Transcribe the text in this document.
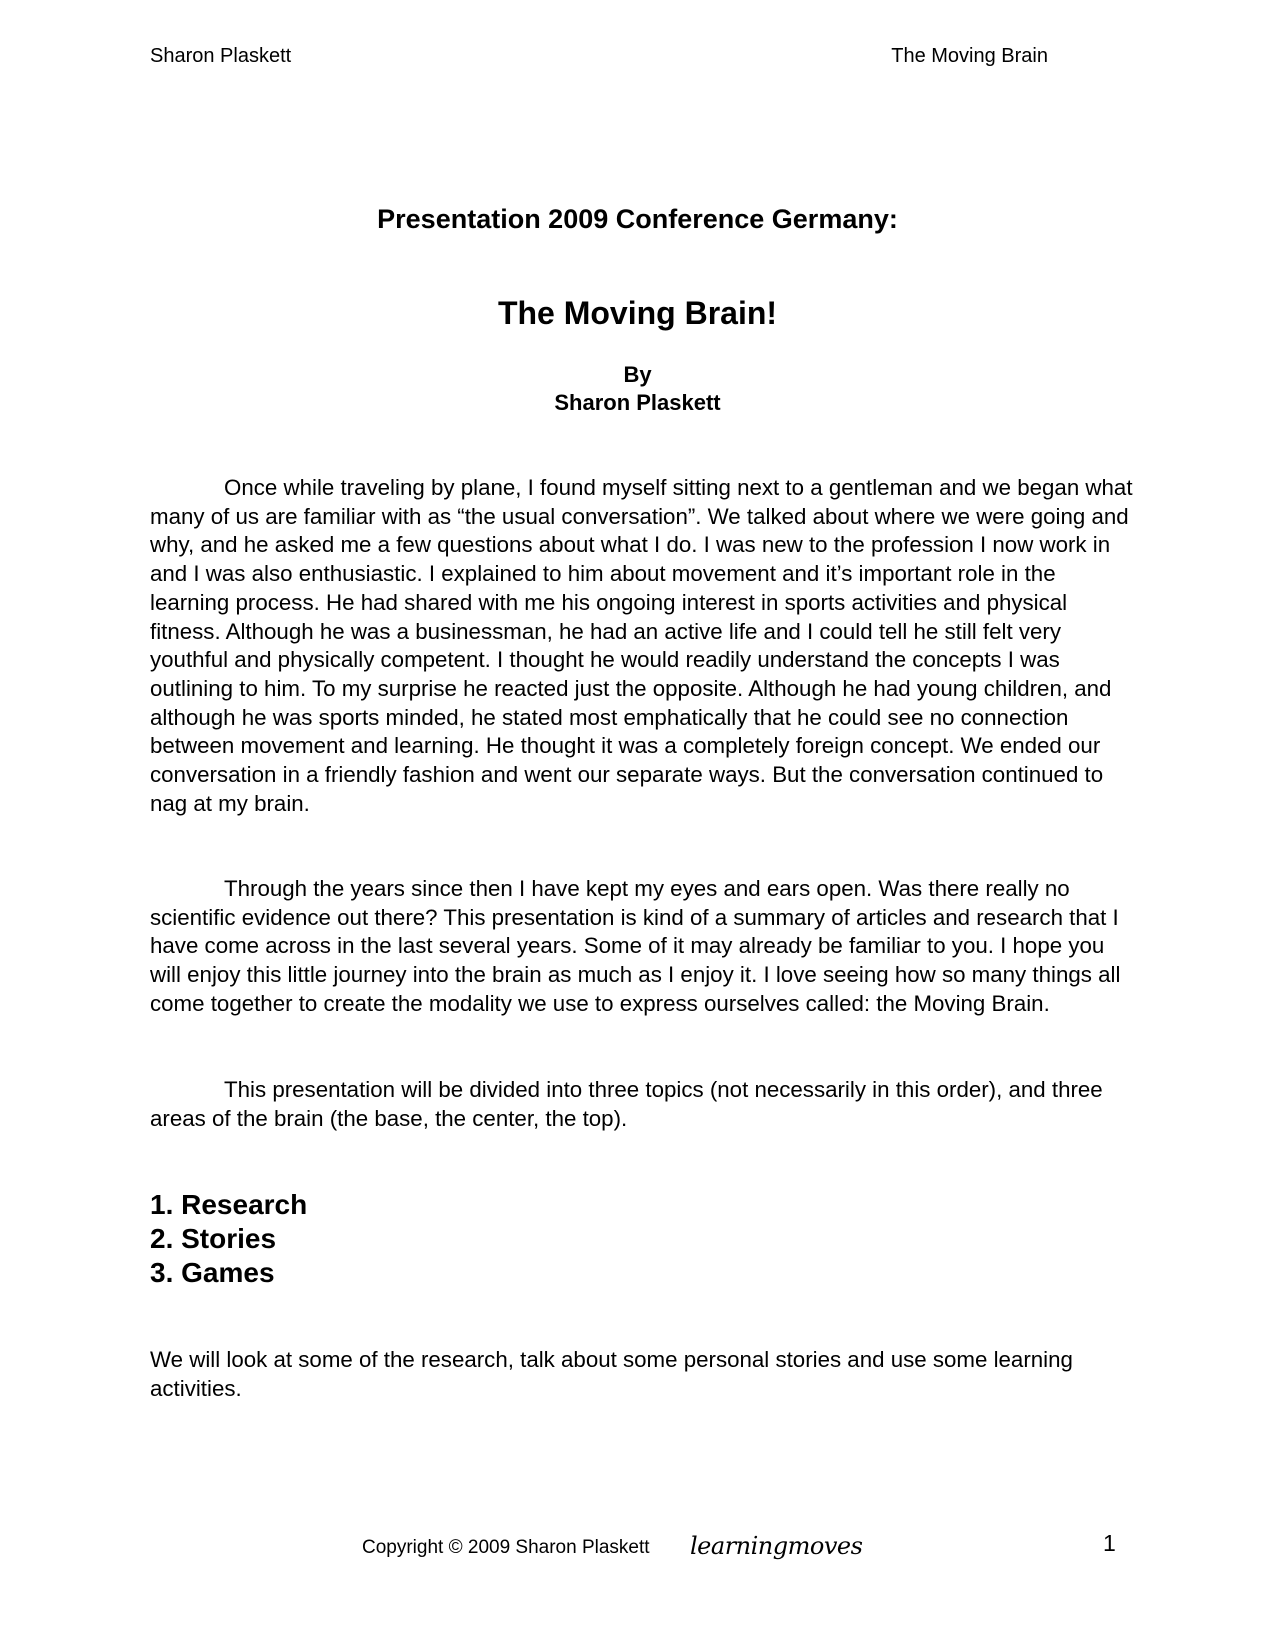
Sharon Plaskett	The Moving Brain
Presentation 2009 Conference Germany:
The Moving Brain!
By
Sharon Plaskett

Once while traveling by plane, I found myself sitting next to a gentleman and we began what many of us are familiar with as “the usual conversation”. We talked about where we were going and why, and he asked me a few questions about what I do. I was new to the profession I now work in and I was also enthusiastic. I explained to him about movement and it’s important role in the learning process. He had shared with me his ongoing interest in sports activities and physical fitness. Although he was a businessman, he had an active life and I could tell he still felt very youthful and physically competent. I thought he would readily understand the concepts I was outlining to him. To my surprise he reacted just the opposite. Although he had young children, and although he was sports minded, he stated most emphatically that he could see no connection between movement and learning. He thought it was a completely foreign concept. We ended our conversation in a friendly fashion and went our separate ways. But the conversation continued to nag at my brain.

Through the years since then I have kept my eyes and ears open. Was there really no scientific evidence out there? This presentation is kind of a summary of articles and research that I have come across in the last several years. Some of it may already be familiar to you. I hope you will enjoy this little journey into the brain as much as I enjoy it. I love seeing how so many things all come together to create the modality we use to express ourselves called: the Moving Brain.

This presentation will be divided into three topics (not necessarily in this order), and three areas of the brain (the base, the center, the top).

1. Research
2. Stories
3. Games

We will look at some of the research, talk about some personal stories and use some learning activities.

Copyright © 2009 Sharon Plaskett learningmoves	1
